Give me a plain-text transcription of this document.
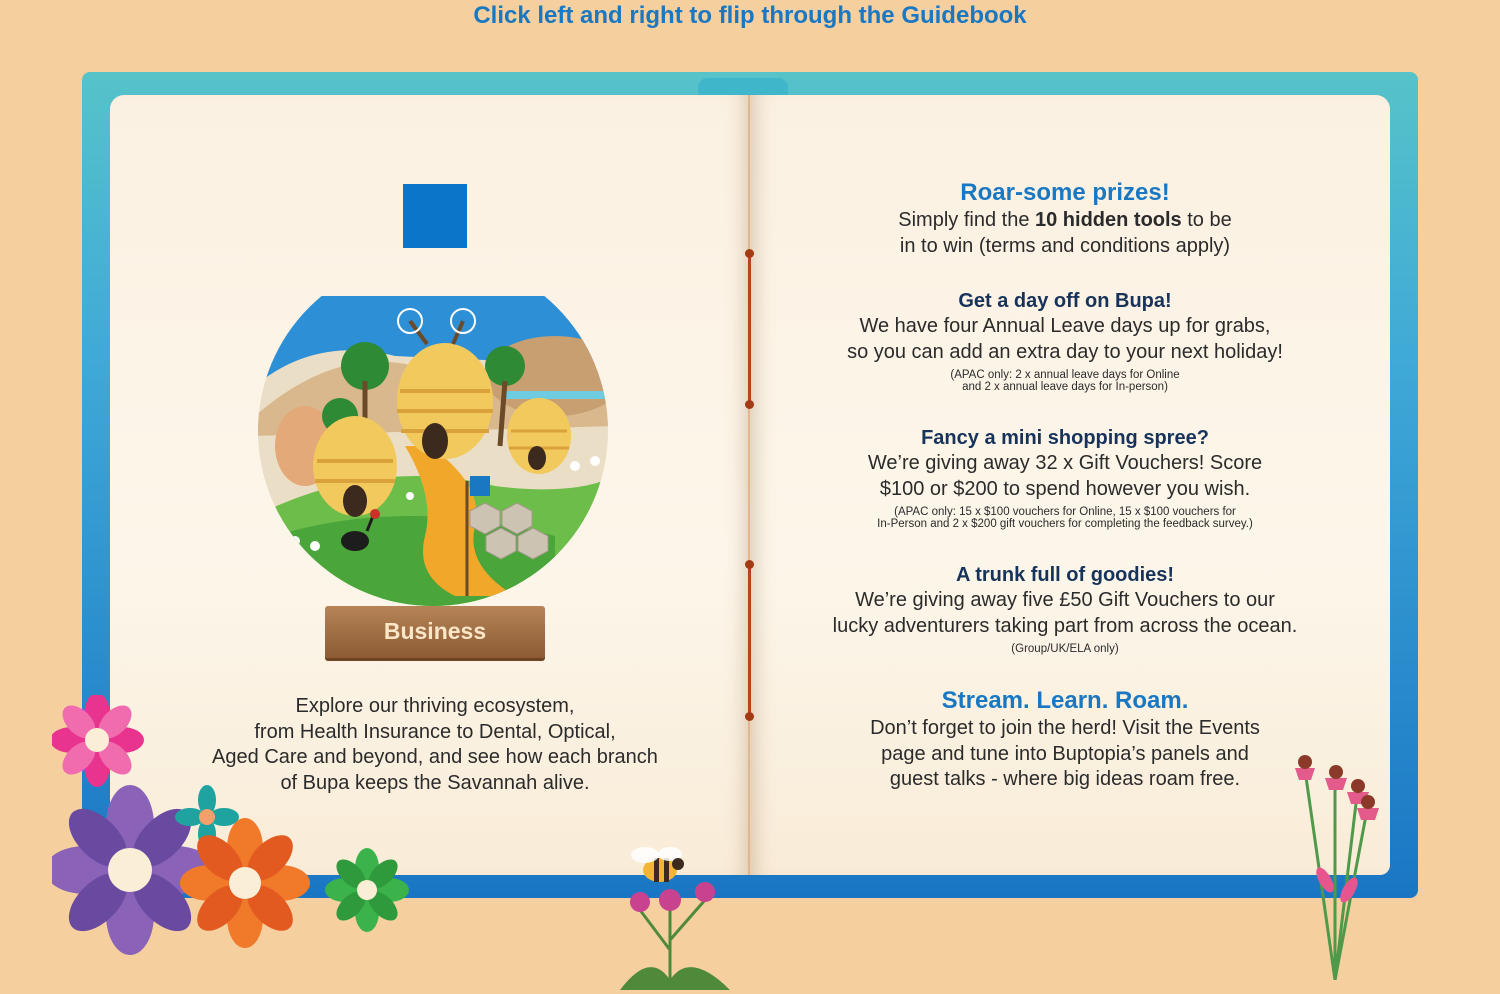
Click left and right to flip through the Guidebook
Business
Explore our thriving ecosystem,
from Health Insurance to Dental, Optical,
Aged Care and beyond, and see how each branch
of Bupa keeps the Savannah alive.
Roar-some prizes!
Simply find the 10 hidden tools to be
in to win (terms and conditions apply)
Get a day off on Bupa!
We have four Annual Leave days up for grabs,
so you can add an extra day to your next holiday!
(APAC only: 2 x annual leave days for Online
and 2 x annual leave days for In-person)
Fancy a mini shopping spree?
We’re giving away 32 x Gift Vouchers! Score
$100 or $200 to spend however you wish.
(APAC only: 15 x $100 vouchers for Online, 15 x $100 vouchers for
In-Person and 2 x $200 gift vouchers for completing the feedback survey.)
A trunk full of goodies!
We’re giving away five £50 Gift Vouchers to our
lucky adventurers taking part from across the ocean.
(Group/UK/ELA only)
Stream. Learn. Roam.
Don’t forget to join the herd! Visit the Events
page and tune into Buptopia’s panels and
guest talks - where big ideas roam free.
